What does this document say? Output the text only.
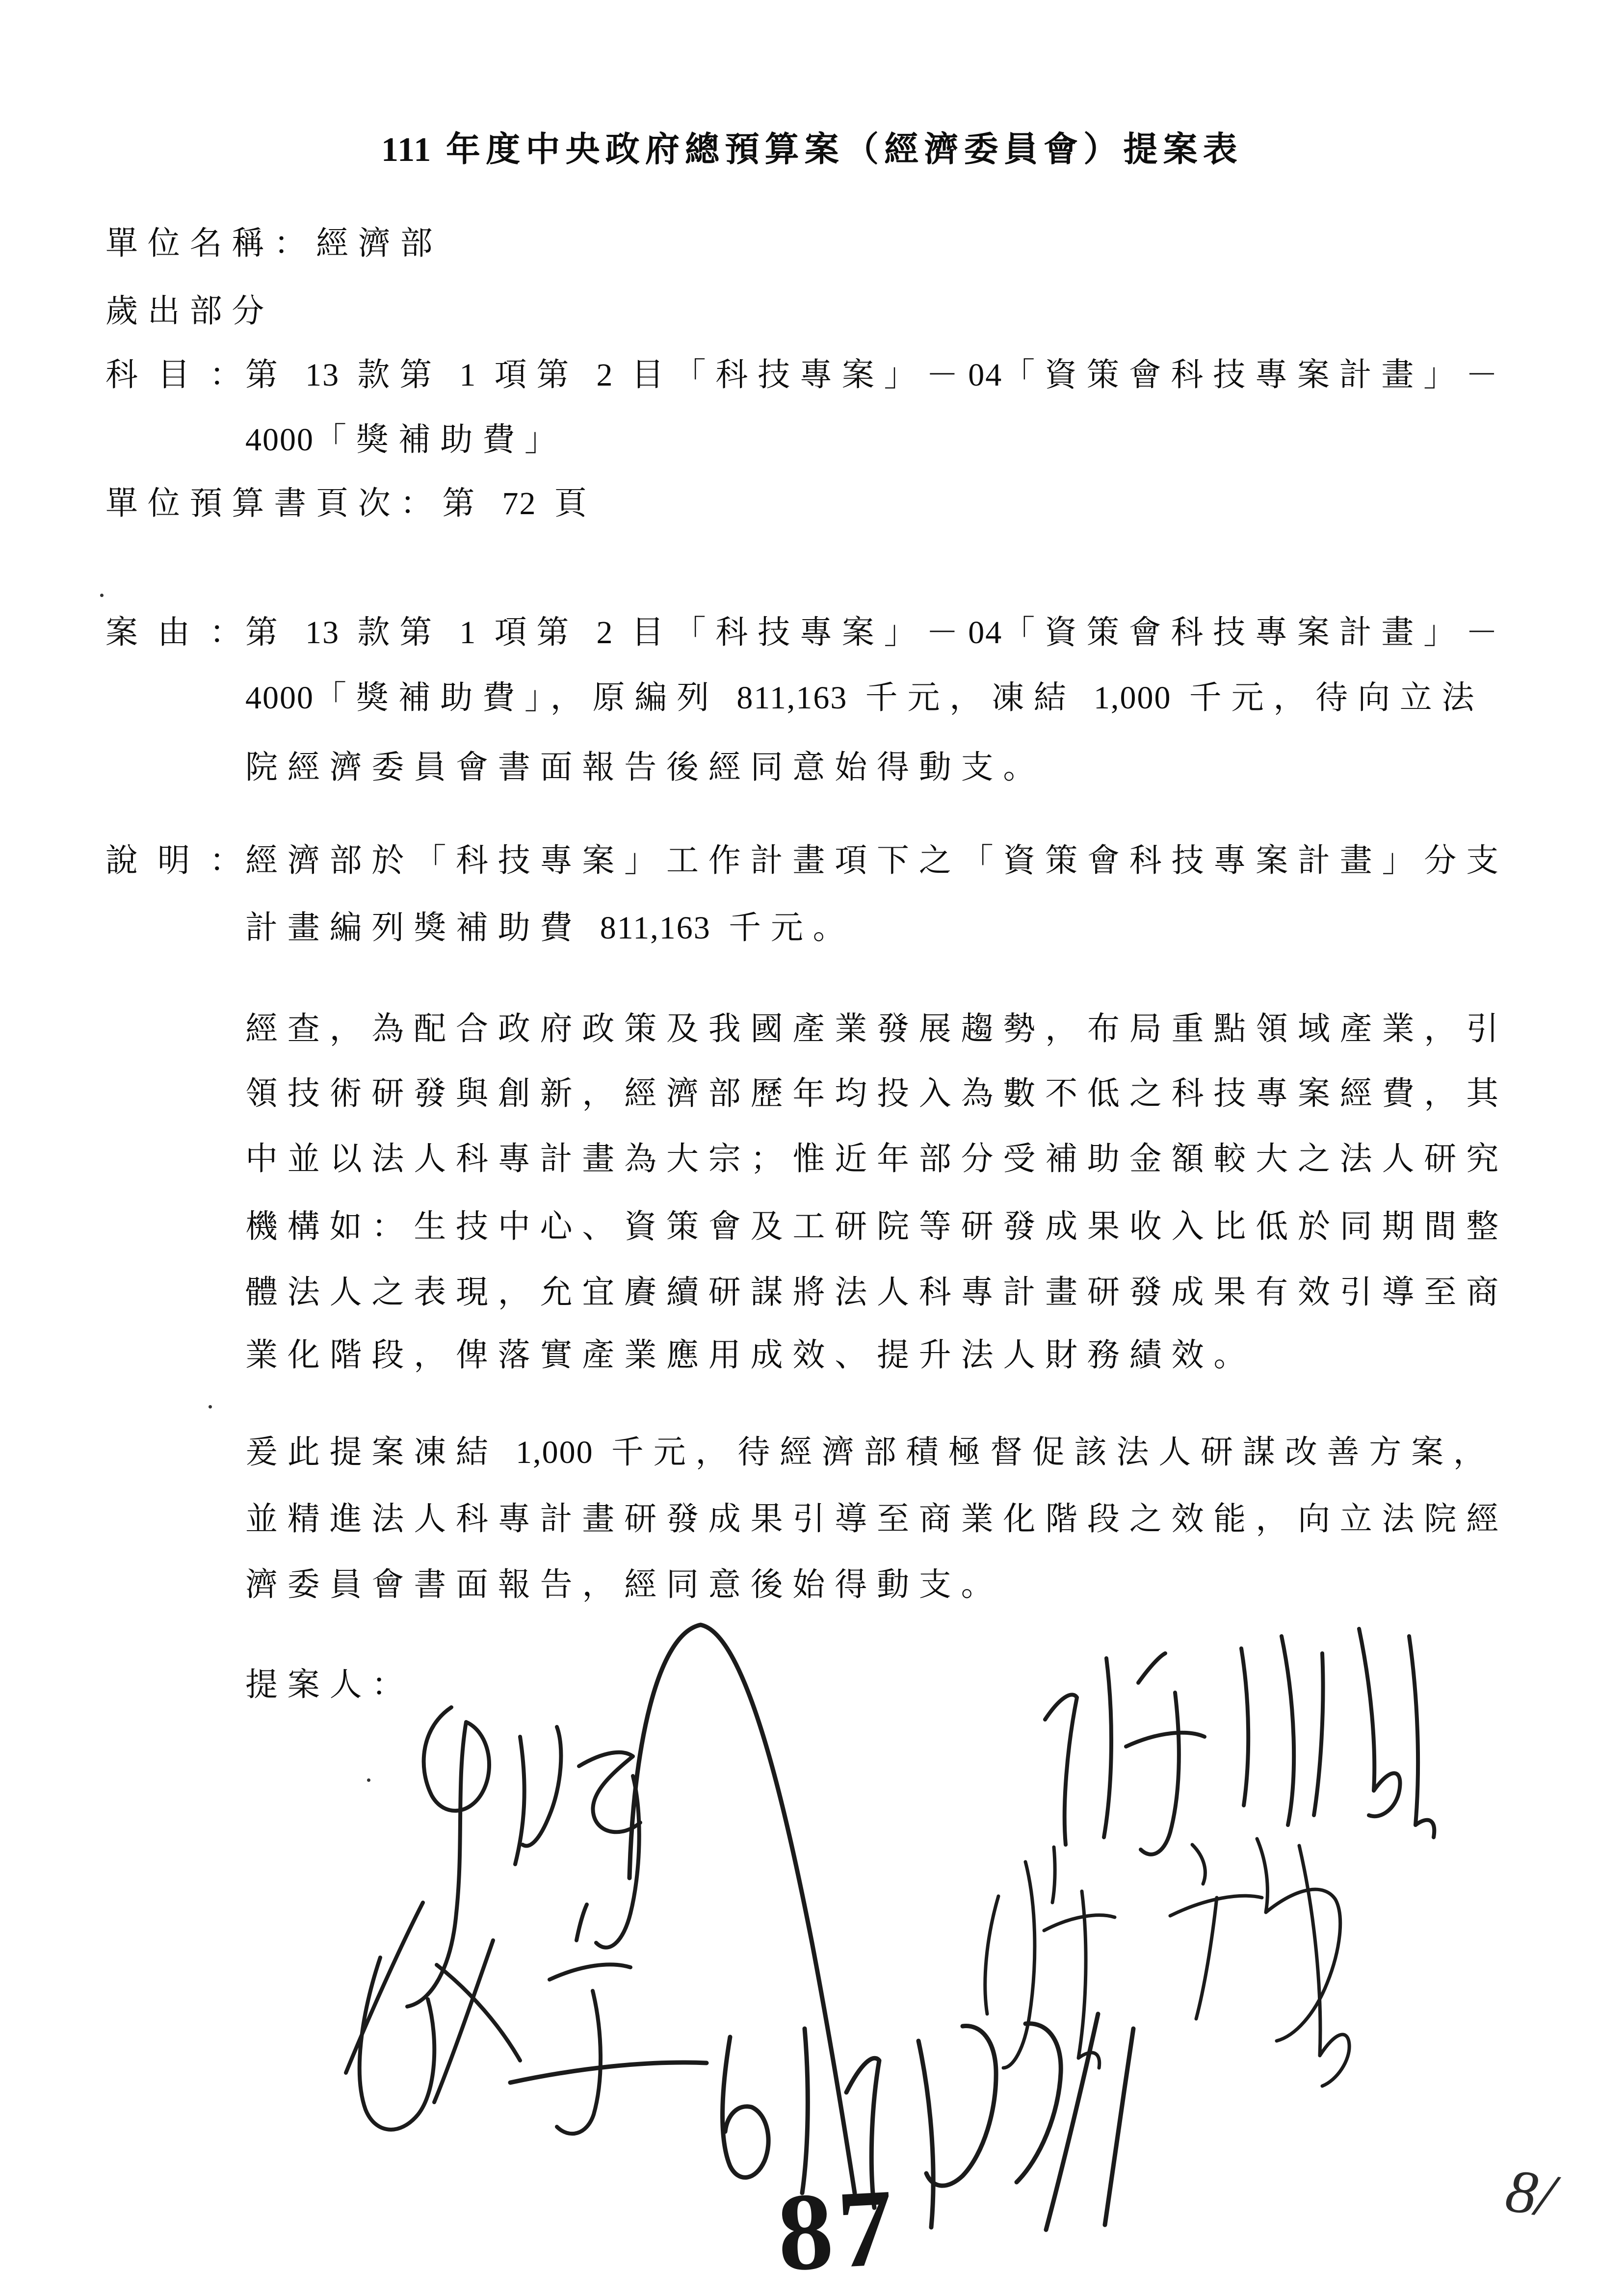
111 年度中央政府總預算案（經濟委員會）提案表
單位名稱：經濟部
歲出部分
科目：
第 13 款第 1 項第 2 目「科技專案」－04「資策會科技專案計畫」－
4000「獎補助費」
單位預算書頁次：第 72 頁
案由：
第 13 款第 1 項第 2 目「科技專案」－04「資策會科技專案計畫」－
4000「獎補助費」，原編列 811,163 千元，凍結 1,000 千元，待向立法
院經濟委員會書面報告後經同意始得動支。
說明：
經濟部於「科技專案」工作計畫項下之「資策會科技專案計畫」分支
計畫編列獎補助費 811,163 千元。
經查，為配合政府政策及我國產業發展趨勢，布局重點領域產業，引
領技術研發與創新，經濟部歷年均投入為數不低之科技專案經費，其
中並以法人科專計畫為大宗；惟近年部分受補助金額較大之法人研究
機構如：生技中心、資策會及工研院等研發成果收入比低於同期間整
體法人之表現，允宜賡續研謀將法人科專計畫研發成果有效引導至商
業化階段，俾落實產業應用成效、提升法人財務績效。
爰此提案凍結 1,000 千元，待經濟部積極督促該法人研謀改善方案，
並精進法人科專計畫研發成果引導至商業化階段之效能，向立法院經
濟委員會書面報告，經同意後始得動支。
提案人：
87	8/
